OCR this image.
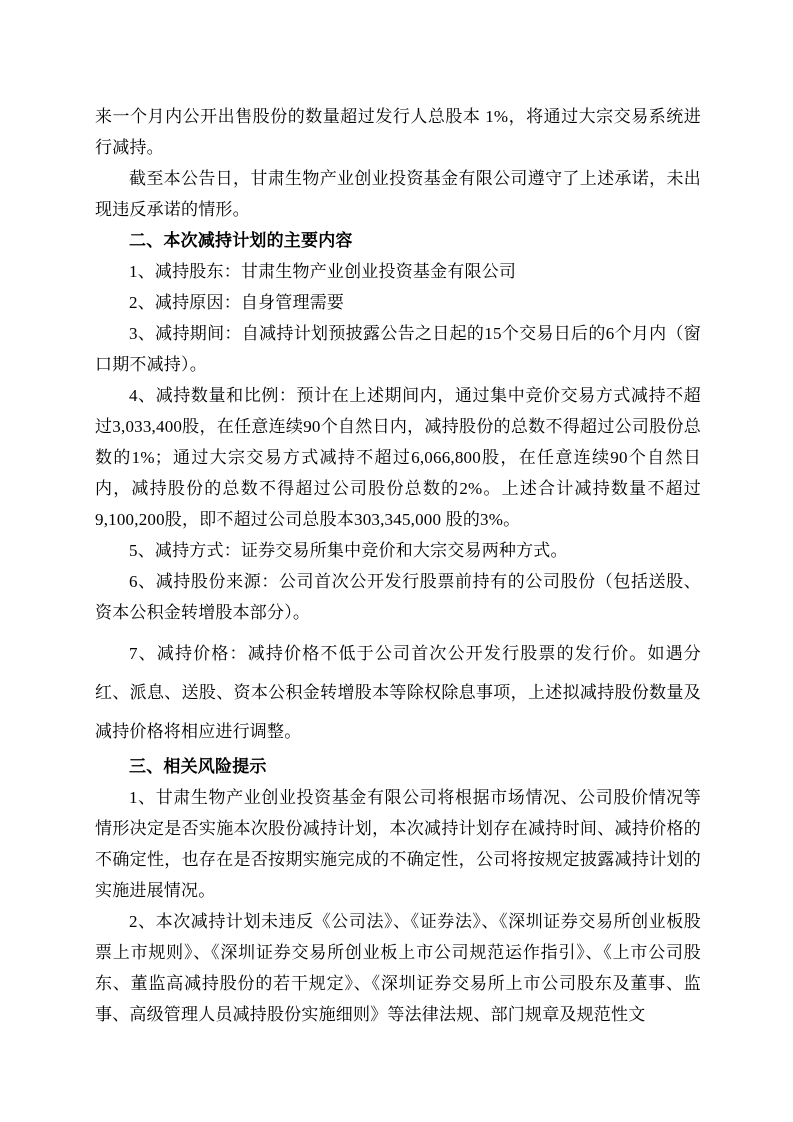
来一个月内公开出售股份的数量超过发行人总股本 1%，将通过大宗交易系统进行减持。

截至本公告日，甘肃生物产业创业投资基金有限公司遵守了上述承诺，未出现违反承诺的情形。

二、本次减持计划的主要内容

1、减持股东：甘肃生物产业创业投资基金有限公司

2、减持原因：自身管理需要

3、减持期间：自减持计划预披露公告之日起的15个交易日后的6个月内（窗口期不减持）。

4、减持数量和比例：预计在上述期间内，通过集中竞价交易方式减持不超过3,033,400股，在任意连续90个自然日内，减持股份的总数不得超过公司股份总数的1%；通过大宗交易方式减持不超过6,066,800股，在任意连续90个自然日内，减持股份的总数不得超过公司股份总数的2%。上述合计减持数量不超过9,100,200股，即不超过公司总股本303,345,000 股的3%。

5、减持方式：证券交易所集中竞价和大宗交易两种方式。

6、减持股份来源：公司首次公开发行股票前持有的公司股份（包括送股、资本公积金转增股本部分）。

7、减持价格：减持价格不低于公司首次公开发行股票的发行价。如遇分红、派息、送股、资本公积金转增股本等除权除息事项，上述拟减持股份数量及减持价格将相应进行调整。

三、相关风险提示

1、甘肃生物产业创业投资基金有限公司将根据市场情况、公司股价情况等情形决定是否实施本次股份减持计划，本次减持计划存在减持时间、减持价格的不确定性，也存在是否按期实施完成的不确定性，公司将按规定披露减持计划的实施进展情况。

2、本次减持计划未违反《公司法》、《证券法》、《深圳证券交易所创业板股票上市规则》、《深圳证券交易所创业板上市公司规范运作指引》、《上市公司股东、董监高减持股份的若干规定》、《深圳证券交易所上市公司股东及董事、监事、高级管理人员减持股份实施细则》等法律法规、部门规章及规范性文
